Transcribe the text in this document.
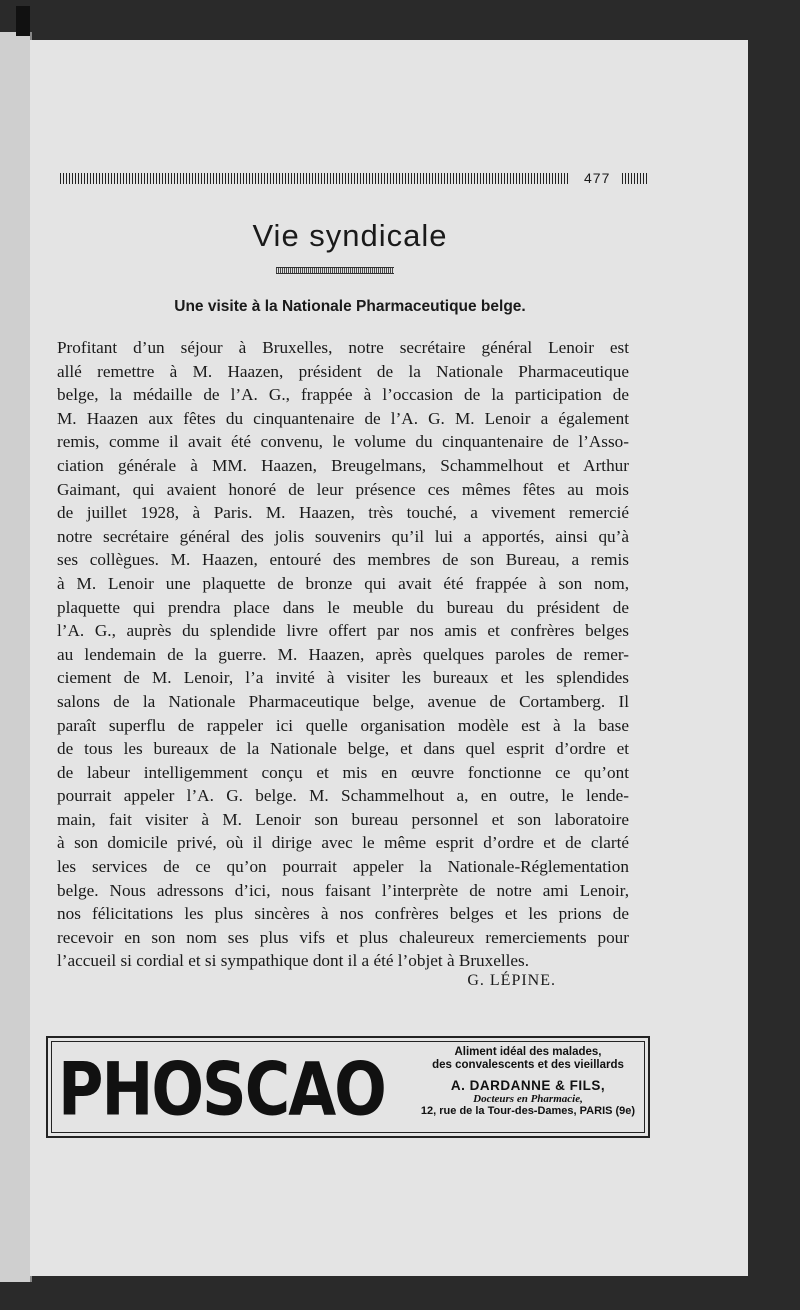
477
Vie syndicale
Une visite à la Nationale Pharmaceutique belge.
Profitant d’un séjour à Bruxelles, notre secrétaire général Lenoir est
allé remettre à M. Haazen, président de la Nationale Pharmaceutique
belge, la médaille de l’A. G., frappée à l’occasion de la participation de
M. Haazen aux fêtes du cinquantenaire de l’A. G. M. Lenoir a également
remis, comme il avait été convenu, le volume du cinquantenaire de l’Asso-
ciation générale à MM. Haazen, Breugelmans, Schammelhout et Arthur
Gaimant, qui avaient honoré de leur présence ces mêmes fêtes au mois
de juillet 1928, à Paris. M. Haazen, très touché, a vivement remercié
notre secrétaire général des jolis souvenirs qu’il lui a apportés, ainsi qu’à
ses collègues. M. Haazen, entouré des membres de son Bureau, a remis
à M. Lenoir une plaquette de bronze qui avait été frappée à son nom,
plaquette qui prendra place dans le meuble du bureau du président de
l’A. G., auprès du splendide livre offert par nos amis et confrères belges
au lendemain de la guerre. M. Haazen, après quelques paroles de remer-
ciement de M. Lenoir, l’a invité à visiter les bureaux et les splendides
salons de la Nationale Pharmaceutique belge, avenue de Cortamberg. Il
paraît superflu de rappeler ici quelle organisation modèle est à la base
de tous les bureaux de la Nationale belge, et dans quel esprit d’ordre et
de labeur intelligemment conçu et mis en œuvre fonctionne ce qu’ont
pourrait appeler l’A. G. belge. M. Schammelhout a, en outre, le lende-
main, fait visiter à M. Lenoir son bureau personnel et son laboratoire
à son domicile privé, où il dirige avec le même esprit d’ordre et de clarté
les services de ce qu’on pourrait appeler la Nationale-Réglementation
belge. Nous adressons d’ici, nous faisant l’interprète de notre ami Lenoir,
nos félicitations les plus sincères à nos confrères belges et les prions de
recevoir en son nom ses plus vifs et plus chaleureux remerciements pour
l’accueil si cordial et si sympathique dont il a été l’objet à Bruxelles.
G. LÉPINE.
PHOSCAO	Aliment idéal des malades,
des convalescents et des vieillards
A. DARDANNE & FILS,
Docteurs en Pharmacie,
12, rue de la Tour-des-Dames, PARIS (9e)
